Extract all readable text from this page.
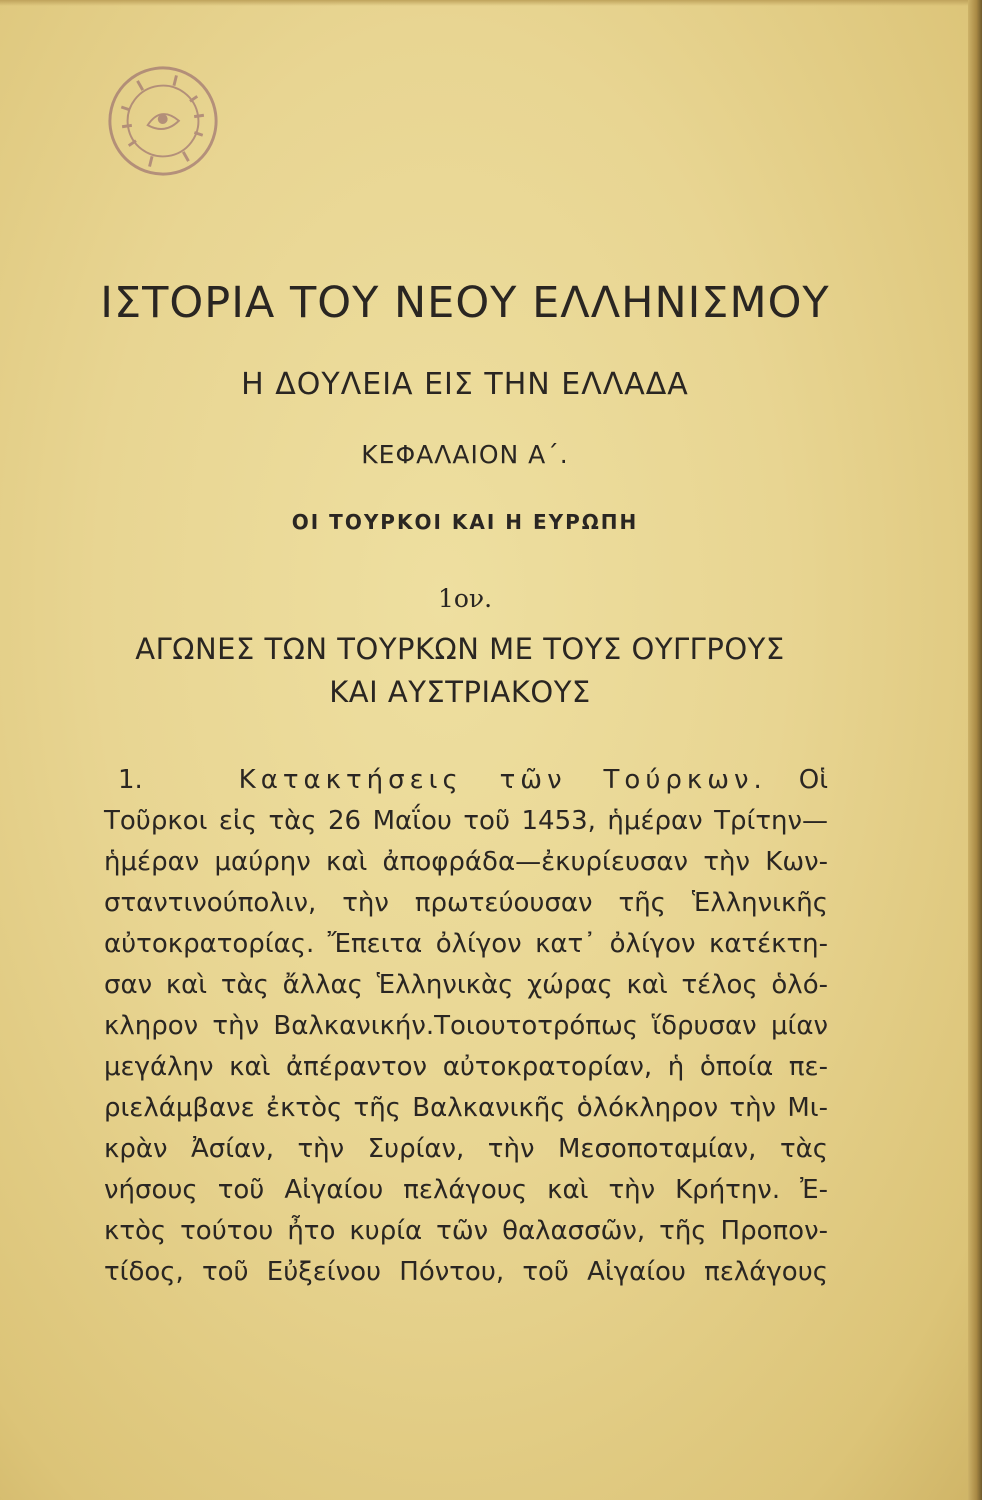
ΙΣΤΟΡΙΑ ΤΟΥ ΝΕΟΥ ΕΛΛΗΝΙΣΜΟΥ
Η ΔΟΥΛΕΙΑ ΕΙΣ ΤΗΝ ΕΛΛΑΔΑ
ΚΕΦΑΛΑΙΟΝ Α΄.
ΟΙ ΤΟΥΡΚΟΙ ΚΑΙ Η ΕΥΡΩΠΗ
1ον.
ΑΓΩΝΕΣ ΤΩΝ ΤΟΥΡΚΩΝ ΜΕ ΤΟΥΣ ΟΥΓΓΡΟΥΣ
ΚΑΙ ΑΥΣΤΡΙΑΚΟΥΣ
1.	Κατακτήσεις τῶν Τούρκων. Οἱ
Τοῦρκοι εἰς τὰς 26 Μαΐου τοῦ 1453, ἡμέραν Τρίτην—
ἡμέραν μαύρην καὶ ἀποφράδα—ἐκυρίευσαν τὴν Κων-
σταντινούπολιν, τὴν πρωτεύουσαν τῆς Ἑλληνικῆς
αὐτοκρατορίας. Ἔπειτα ὀλίγον κατ᾽ ὀλίγον κατέκτη-
σαν καὶ τὰς ἄλλας Ἑλληνικὰς χώρας καὶ τέλος ὁλό-
κληρον τὴν Βαλκανικήν.Τοιουτοτρόπως ἵδρυσαν μίαν
μεγάλην καὶ ἀπέραντον αὐτοκρατορίαν, ἡ ὁποία πε-
ριελάμβανε ἐκτὸς τῆς Βαλκανικῆς ὁλόκληρον τὴν Μι-
κρὰν Ἀσίαν, τὴν Συρίαν, τὴν Μεσοποταμίαν, τὰς
νήσους τοῦ Αἰγαίου πελάγους καὶ τὴν Κρήτην. Ἐ-
κτὸς τούτου ἦτο κυρία τῶν θαλασσῶν, τῆς Προπον-
τίδος, τοῦ Εὐξείνου Πόντου, τοῦ Αἰγαίου πελάγους
